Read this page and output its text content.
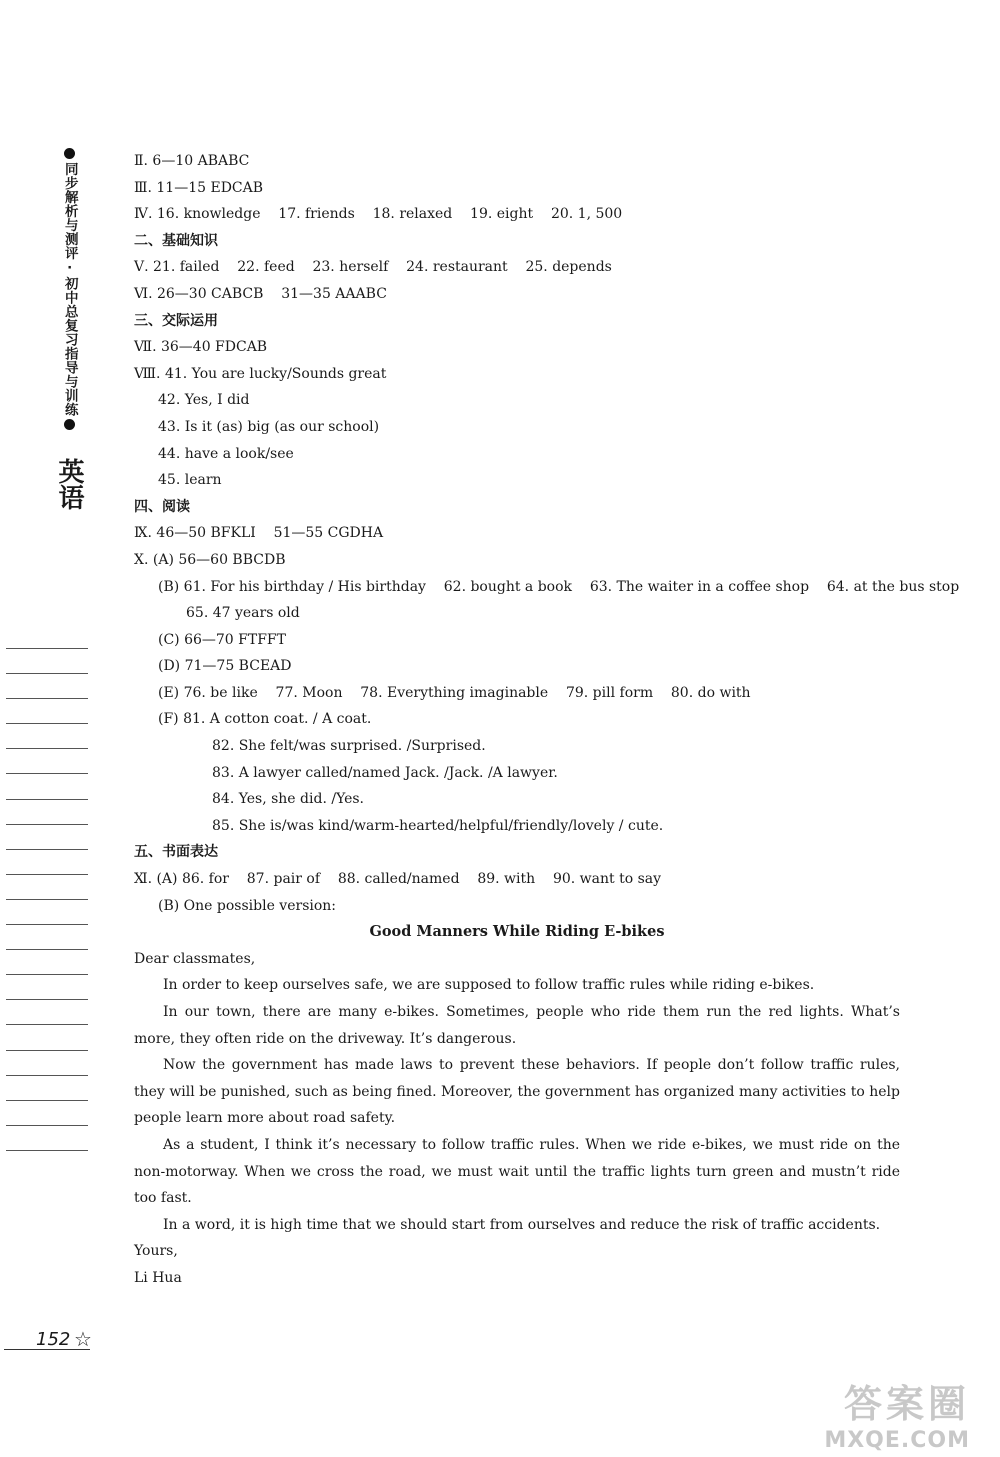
同步解析与测评·初中总复习指导与训练
英语
Ⅱ. 6—10 ABABC
Ⅲ. 11—15 EDCAB
Ⅳ. 16. knowledge    17. friends    18. relaxed    19. eight    20. 1, 500
二、基础知识
Ⅴ. 21. failed    22. feed    23. herself    24. restaurant    25. depends
Ⅵ. 26—30 CABCB    31—35 AAABC
三、交际运用
Ⅶ. 36—40 FDCAB
Ⅷ. 41. You are lucky/Sounds great
42. Yes, I did
43. Is it (as) big (as our school)
44. have a look/see
45. learn
四、阅读
Ⅸ. 46—50 BFKLI    51—55 CGDHA
Ⅹ. (A) 56—60 BBCDB
(B) 61. For his birthday / His birthday    62. bought a book    63. The waiter in a coffee shop    64. at the bus stop
65. 47 years old
(C) 66—70 FTFFT
(D) 71—75 BCEAD
(E) 76. be like    77. Moon    78. Everything imaginable    79. pill form    80. do with
(F) 81. A cotton coat. / A coat.
82. She felt/was surprised. /Surprised.
83. A lawyer called/named Jack. /Jack. /A lawyer.
84. Yes, she did. /Yes.
85. She is/was kind/warm-hearted/helpful/friendly/lovely / cute.
五、书面表达
Ⅺ. (A) 86. for    87. pair of    88. called/named    89. with    90. want to say
(B) One possible version:
Good Manners While Riding E-bikes
Dear classmates,
In order to keep ourselves safe, we are supposed to follow traffic rules while riding e-bikes.
In our town, there are many e-bikes. Sometimes, people who ride them run the red lights. What’s more, they often ride on the driveway. It’s dangerous.
Now the government has made laws to prevent these behaviors. If people don’t follow traffic rules, they will be punished, such as being fined. Moreover, the government has organized many activities to help people learn more about road safety.
As a student, I think it’s necessary to follow traffic rules. When we ride e-bikes, we must ride on the non-motorway. When we cross the road, we must wait until the traffic lights turn green and mustn’t ride too fast.
In a word, it is high time that we should start from ourselves and reduce the risk of traffic accidents.
Yours,
Li Hua
152 ☆
答案圈
MXQE.COM
